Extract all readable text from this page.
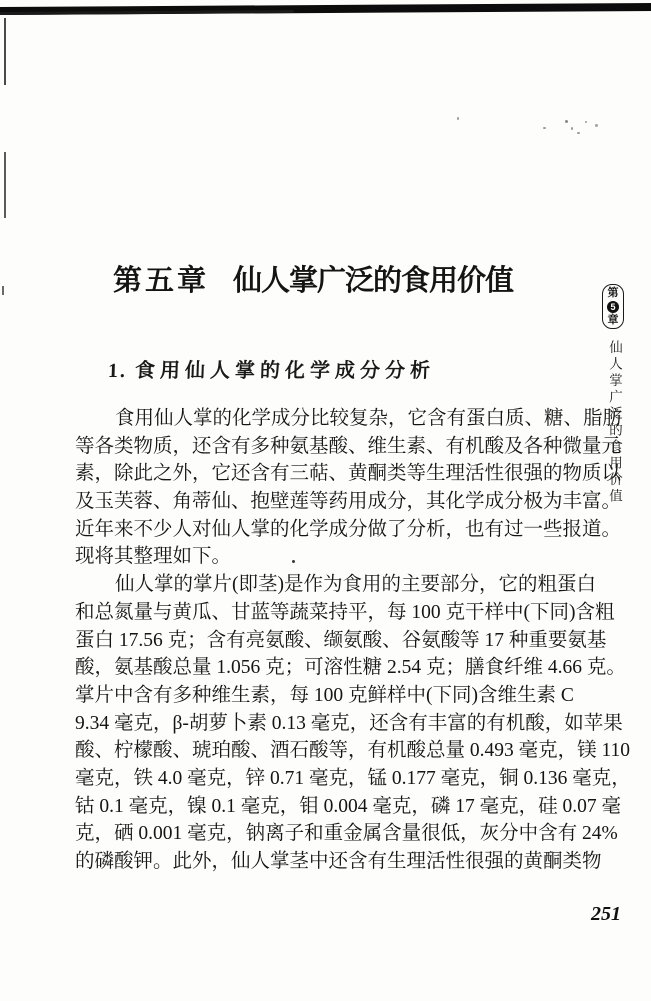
第五章 仙人掌广泛的食用价值
1. 食用仙人掌的化学成分分析
食用仙人掌的化学成分比较复杂，它含有蛋白质、糖、脂肪
等各类物质，还含有多种氨基酸、维生素、有机酸及各种微量元
素，除此之外，它还含有三萜、黄酮类等生理活性很强的物质以
及玉芙蓉、角蒂仙、抱壁莲等药用成分，其化学成分极为丰富。
近年来不少人对仙人掌的化学成分做了分析，也有过一些报道。
现将其整理如下。
仙人掌的掌片(即茎)是作为食用的主要部分，它的粗蛋白
和总氮量与黄瓜、甘蓝等蔬菜持平，每 100 克干样中(下同)含粗
蛋白 17.56 克；含有亮氨酸、缬氨酸、谷氨酸等 17 种重要氨基
酸，氨基酸总量 1.056 克；可溶性糖 2.54 克；膳食纤维 4.66 克。
掌片中含有多种维生素，每 100 克鲜样中(下同)含维生素 C
9.34 毫克，β-胡萝卜素 0.13 毫克，还含有丰富的有机酸，如苹果
酸、柠檬酸、琥珀酸、酒石酸等，有机酸总量 0.493 毫克，镁 110
毫克，铁 4.0 毫克，锌 0.71 毫克，锰 0.177 毫克，铜 0.136 毫克，
钴 0.1 毫克，镍 0.1 毫克，钼 0.004 毫克，磷 17 毫克，硅 0.07 毫
克，硒 0.001 毫克，钠离子和重金属含量很低，灰分中含有 24%
的磷酸钾。此外，仙人掌茎中还含有生理活性很强的黄酮类物
第
5
章
仙人掌广泛的食用价值
251
